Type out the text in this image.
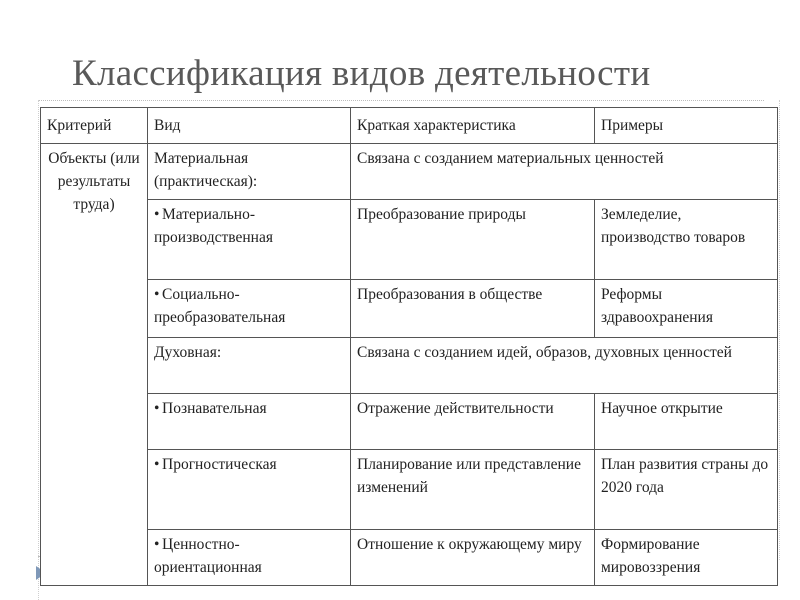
Классификация видов деятельности
Критерий	Вид	Краткая характеристика	Примеры
Объекты (или результаты труда)	Материальная (практическая):	Связана с созданием материальных ценностей	
	• Материально-производственная	Преобразование природы	Земледелие, производство товаров
	• Социально-преобразовательная	Преобразования в обществе	Реформы здравоохранения
	Духовная:	Связана с созданием идей, образов, духовных ценностей	
	• Познавательная	Отражение действительности	Научное открытие
	• Прогностическая	Планирование или представление изменений	План развития страны до 2020 года
	• Ценностно-ориентационная	Отношение к окружающему миру	Формирование мировоззрения
